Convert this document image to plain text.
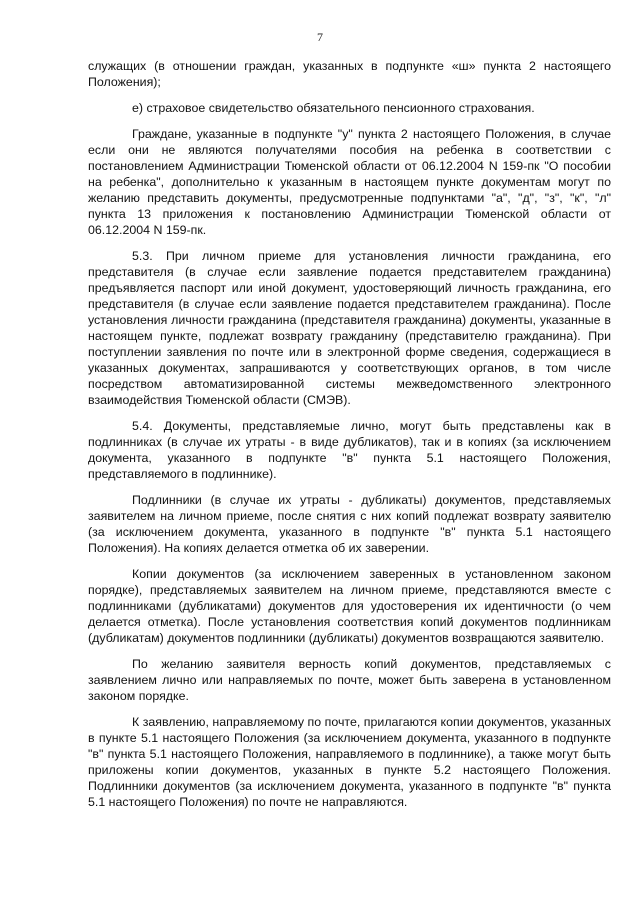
7

служащих (в отношении граждан, указанных в подпункте «ш» пункта 2 настоящего Положения);

е) страховое свидетельство обязательного пенсионного страхования.

Граждане, указанные в подпункте "у" пункта 2 настоящего Положения, в случае если они не являются получателями пособия на ребенка в соответствии с постановлением Администрации Тюменской области от 06.12.2004 N 159-пк "О пособии на ребенка", дополнительно к указанным в настоящем пункте документам могут по желанию представить документы, предусмотренные подпунктами "а", "д", "з", "к", "л" пункта 13 приложения к постановлению Администрации Тюменской области от 06.12.2004 N 159-пк.

5.3. При личном приеме для установления личности гражданина, его представителя (в случае если заявление подается представителем гражданина) предъявляется паспорт или иной документ, удостоверяющий личность гражданина, его представителя (в случае если заявление подается представителем гражданина). После установления личности гражданина (представителя гражданина) документы, указанные в настоящем пункте, подлежат возврату гражданину (представителю гражданина). При поступлении заявления по почте или в электронной форме сведения, содержащиеся в указанных документах, запрашиваются у соответствующих органов, в том числе посредством автоматизированной системы межведомственного электронного взаимодействия Тюменской области (СМЭВ).

5.4. Документы, представляемые лично, могут быть представлены как в подлинниках (в случае их утраты - в виде дубликатов), так и в копиях (за исключением документа, указанного в подпункте "в" пункта 5.1 настоящего Положения, представляемого в подлиннике).

Подлинники (в случае их утраты - дубликаты) документов, представляемых заявителем на личном приеме, после снятия с них копий подлежат возврату заявителю (за исключением документа, указанного в подпункте "в" пункта 5.1 настоящего Положения). На копиях делается отметка об их заверении.

Копии документов (за исключением заверенных в установленном законом порядке), представляемых заявителем на личном приеме, представляются вместе с подлинниками (дубликатами) документов для удостоверения их идентичности (о чем делается отметка). После установления соответствия копий документов подлинникам (дубликатам) документов подлинники (дубликаты) документов возвращаются заявителю.

По желанию заявителя верность копий документов, представляемых с заявлением лично или направляемых по почте, может быть заверена в установленном законом порядке.

К заявлению, направляемому по почте, прилагаются копии документов, указанных в пункте 5.1 настоящего Положения (за исключением документа, указанного в подпункте "в" пункта 5.1 настоящего Положения, направляемого в подлиннике), а также могут быть приложены копии документов, указанных в пункте 5.2 настоящего Положения. Подлинники документов (за исключением документа, указанного в подпункте "в" пункта 5.1 настоящего Положения) по почте не направляются.
